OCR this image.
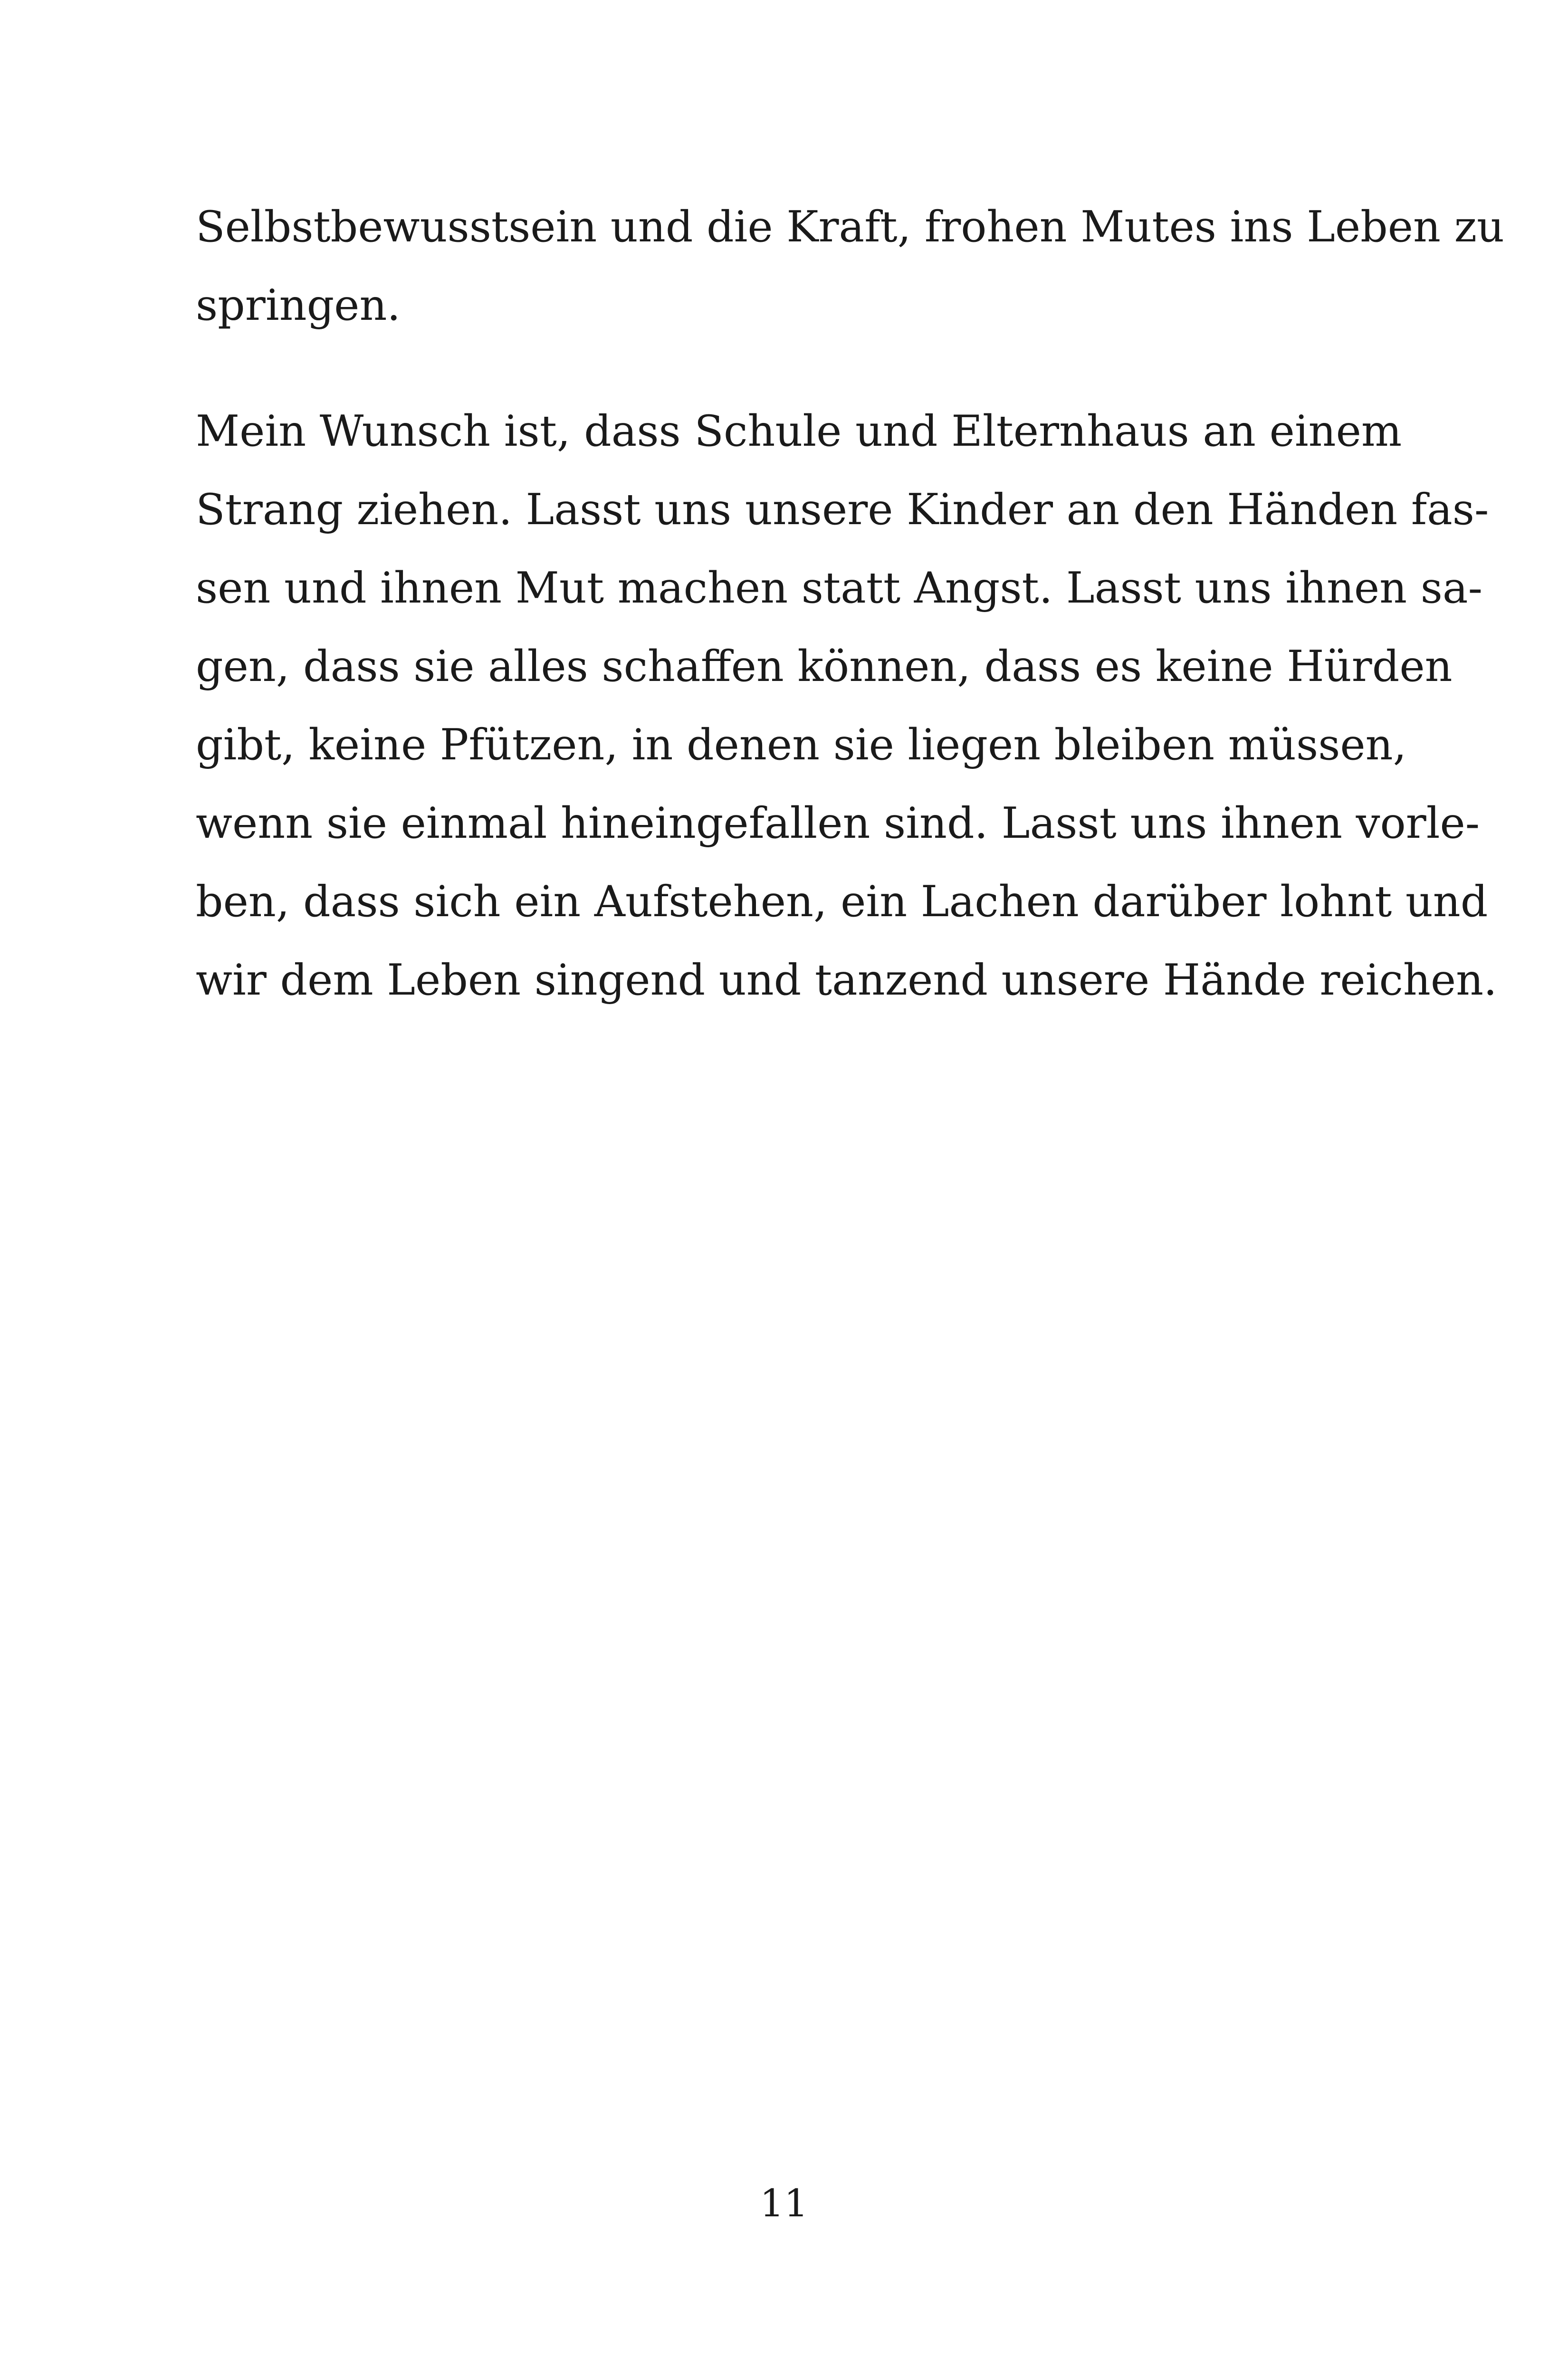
Selbstbewusstsein und die Kraft, frohen Mutes ins Leben zu
springen.
Mein Wunsch ist, dass Schule und Elternhaus an einem
Strang ziehen. Lasst uns unsere Kinder an den Händen fas-
sen und ihnen Mut machen statt Angst. Lasst uns ihnen sa-
gen, dass sie alles schaffen können, dass es keine Hürden
gibt, keine Pfützen, in denen sie liegen bleiben müssen,
wenn sie einmal hineingefallen sind. Lasst uns ihnen vorle-
ben, dass sich ein Aufstehen, ein Lachen darüber lohnt und
wir dem Leben singend und tanzend unsere Hände reichen.
11
